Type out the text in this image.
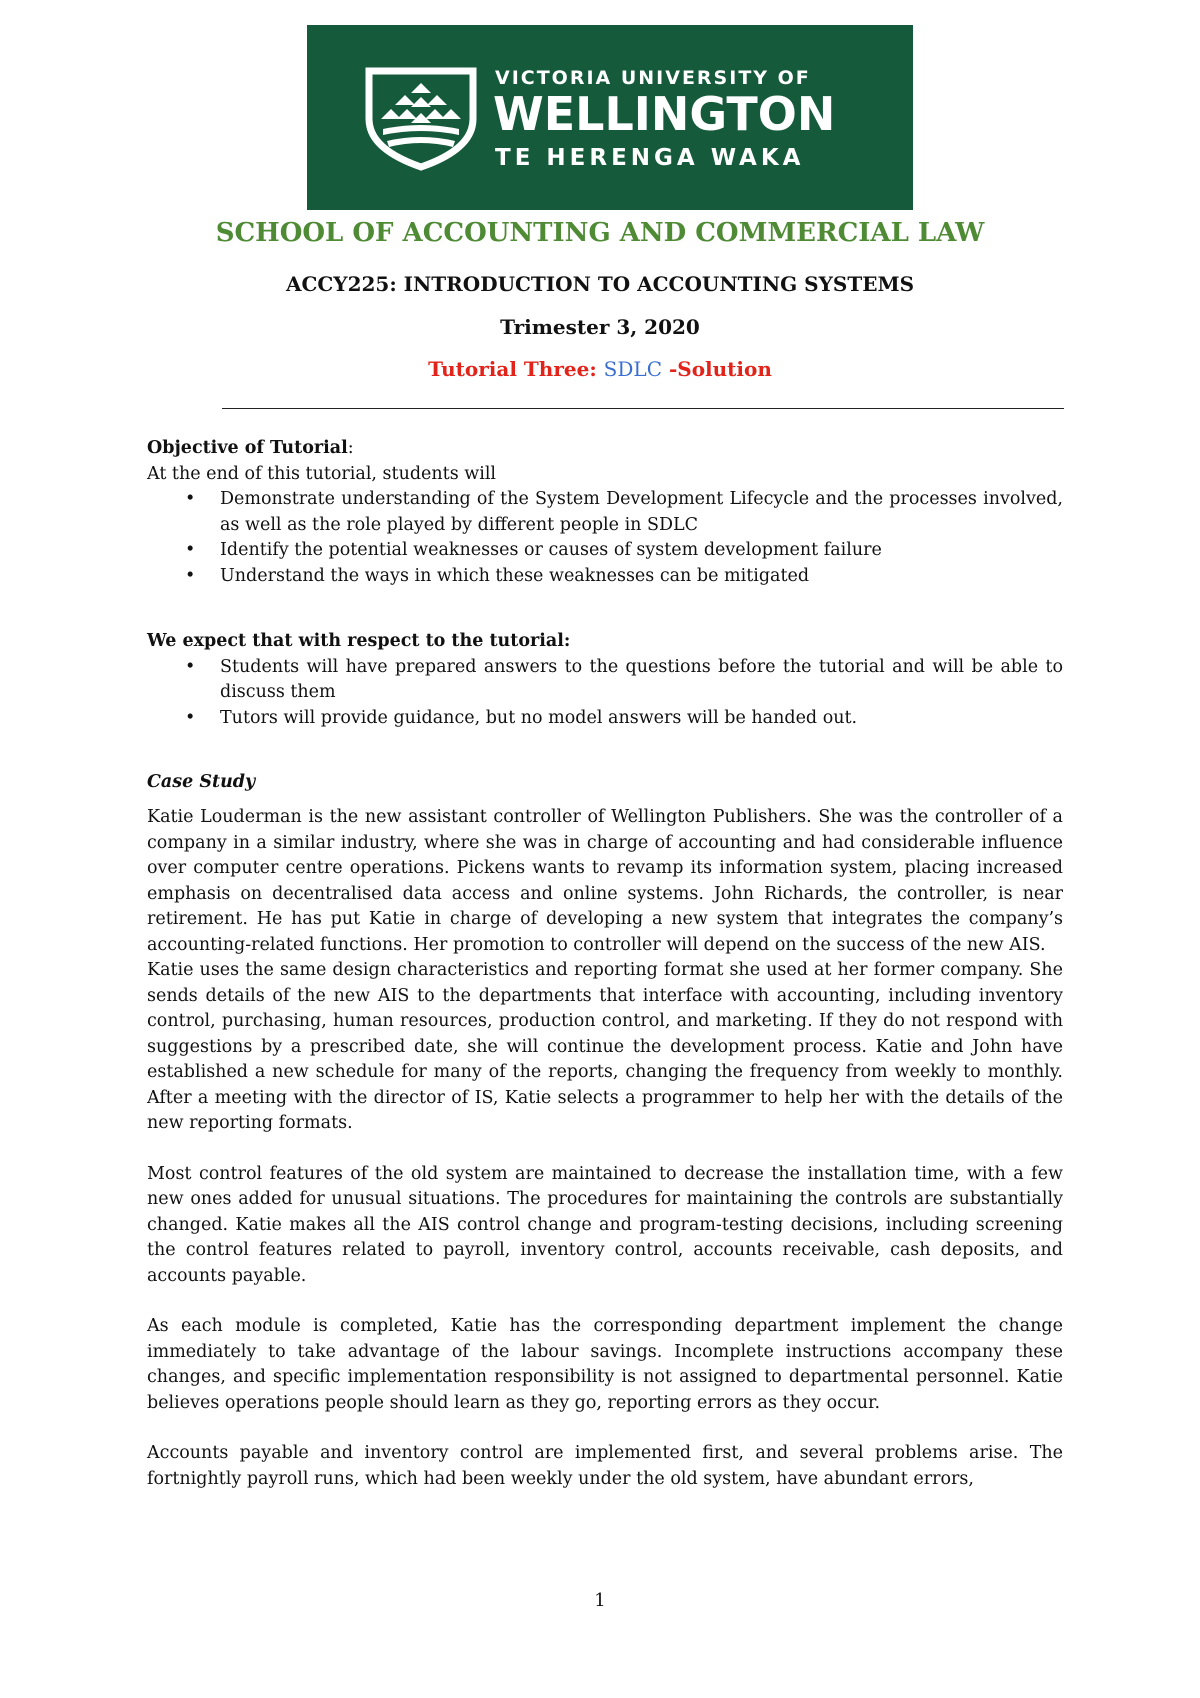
VICTORIA UNIVERSITY OF
WELLINGTON
TE HERENGA WAKA
SCHOOL OF ACCOUNTING AND COMMERCIAL LAW
ACCY225: INTRODUCTION TO ACCOUNTING SYSTEMS
Trimester 3, 2020
Tutorial Three: SDLC -Solution
Objective of Tutorial:
At the end of this tutorial, students will
• Demonstrate understanding of the System Development Lifecycle and the processes involved, as well as the role played by different people in SDLC
• Identify the potential weaknesses or causes of system development failure
• Understand the ways in which these weaknesses can be mitigated
We expect that with respect to the tutorial:
• Students will have prepared answers to the questions before the tutorial and will be able to discuss them
• Tutors will provide guidance, but no model answers will be handed out.
Case Study
Katie Louderman is the new assistant controller of Wellington Publishers. She was the controller of a company in a similar industry, where she was in charge of accounting and had considerable influence over computer centre operations. Pickens wants to revamp its information system, placing increased emphasis on decentralised data access and online systems. John Richards, the controller, is near retirement. He has put Katie in charge of developing a new system that integrates the company’s accounting-related functions. Her promotion to controller will depend on the success of the new AIS.
Katie uses the same design characteristics and reporting format she used at her former company. She sends details of the new AIS to the departments that interface with accounting, including inventory control, purchasing, human resources, production control, and marketing. If they do not respond with suggestions by a prescribed date, she will continue the development process. Katie and John have established a new schedule for many of the reports, changing the frequency from weekly to monthly. After a meeting with the director of IS, Katie selects a programmer to help her with the details of the new reporting formats.
Most control features of the old system are maintained to decrease the installation time, with a few new ones added for unusual situations. The procedures for maintaining the controls are substantially changed. Katie makes all the AIS control change and program-testing decisions, including screening the control features related to payroll, inventory control, accounts receivable, cash deposits, and accounts payable.
As each module is completed, Katie has the corresponding department implement the change immediately to take advantage of the labour savings. Incomplete instructions accompany these changes, and specific implementation responsibility is not assigned to departmental personnel. Katie believes operations people should learn as they go, reporting errors as they occur.
Accounts payable and inventory control are implemented first, and several problems arise. The fortnightly payroll runs, which had been weekly under the old system, have abundant errors,
1
